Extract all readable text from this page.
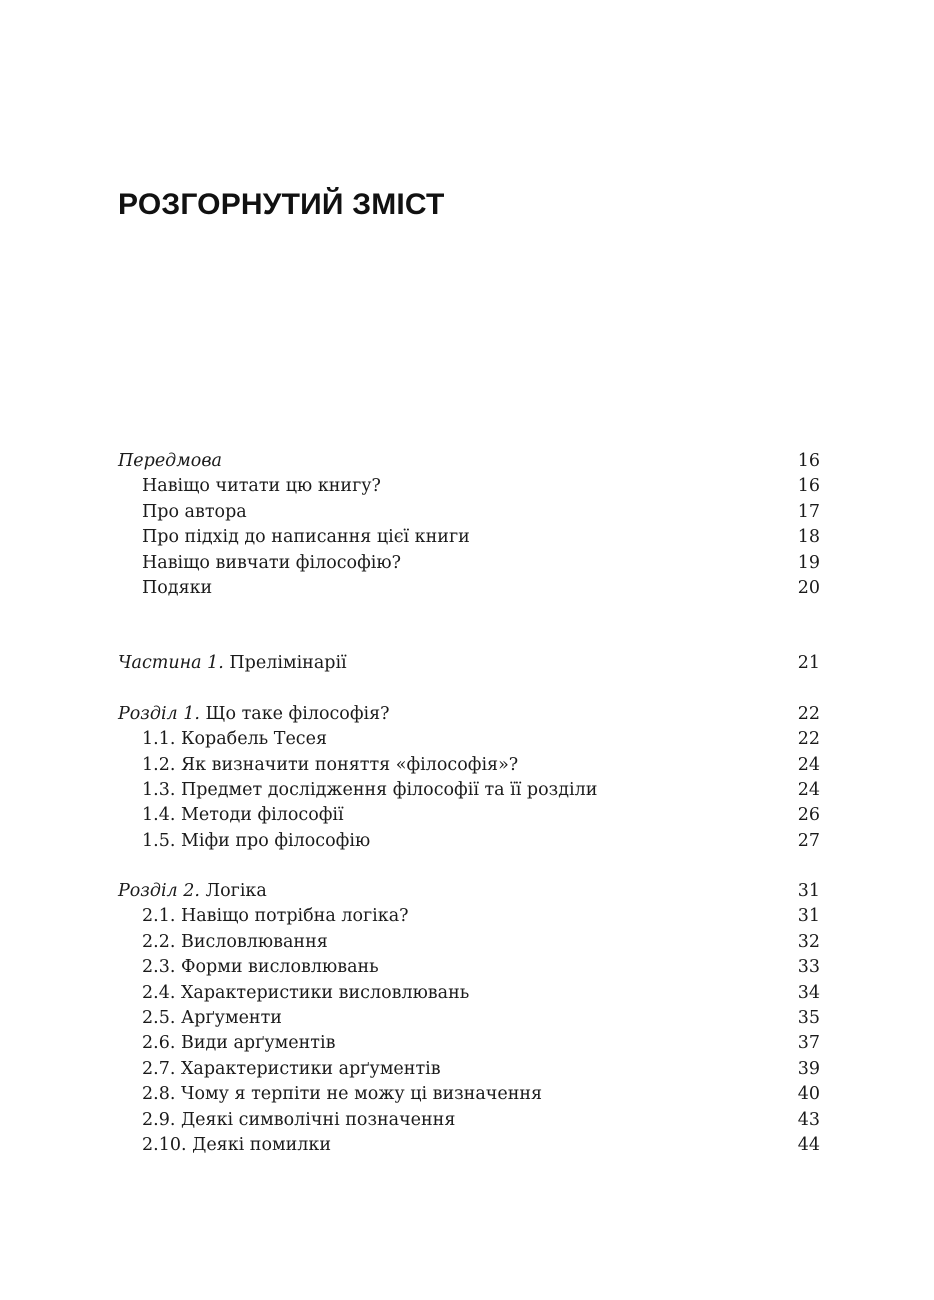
РОЗГОРНУТИЙ ЗМІСТ
Передмова	16
Навіщо читати цю книгу?	16
Про автора	17
Про підхід до написання цієї книги	18
Навіщо вивчати філософію?	19
Подяки	20
Частина 1. Прелімінарії	21
Розділ 1. Що таке філософія?	22
1.1. Корабель Тесея	22
1.2. Як визначити поняття «філософія»?	24
1.3. Предмет дослідження філософії та її розділи	24
1.4. Методи філософії	26
1.5. Міфи про філософію	27
Розділ 2. Логіка	31
2.1. Навіщо потрібна логіка?	31
2.2. Висловлювання	32
2.3. Форми висловлювань	33
2.4. Характеристики висловлювань	34
2.5. Арґументи	35
2.6. Види арґументів	37
2.7. Характеристики арґументів	39
2.8. Чому я терпіти не можу ці визначення	40
2.9. Деякі символічні позначення	43
2.10. Деякі помилки	44
